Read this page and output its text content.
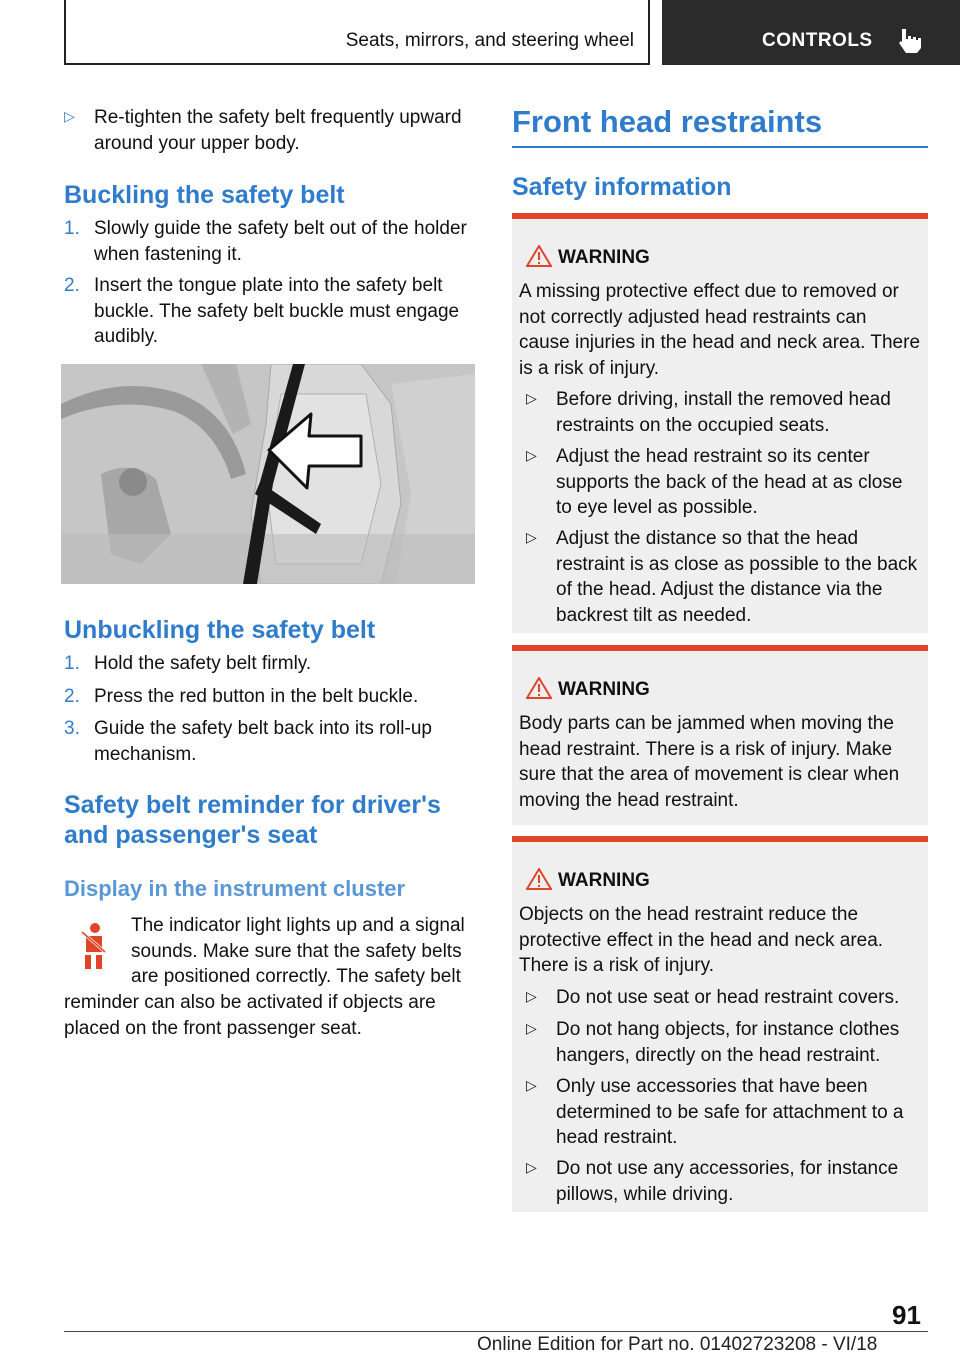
Seats, mirrors, and steering wheel	CONTROLS
▷	Re-tighten the safety belt frequently upward around your upper body.
Buckling the safety belt
1. Slowly guide the safety belt out of the holder when fastening it.
2. Insert the tongue plate into the safety belt buckle. The safety belt buckle must engage audibly.
Unbuckling the safety belt
1. Hold the safety belt firmly.
2. Press the red button in the belt buckle.
3. Guide the safety belt back into its roll-up mechanism.
Safety belt reminder for driver's and passenger's seat
Display in the instrument cluster
The indicator light lights up and a signal sounds. Make sure that the safety belts are positioned correctly. The safety belt
reminder can also be activated if objects are placed on the front passenger seat.
Front head restraints
Safety information
WARNING
A missing protective effect due to removed or not correctly adjusted head restraints can cause injuries in the head and neck area. There is a risk of injury.
▷	Before driving, install the removed head restraints on the occupied seats.
▷	Adjust the head restraint so its center supports the back of the head at as close to eye level as possible.
▷	Adjust the distance so that the head restraint is as close as possible to the back of the head. Adjust the distance via the backrest tilt as needed.
WARNING
Body parts can be jammed when moving the head restraint. There is a risk of injury. Make sure that the area of movement is clear when moving the head restraint.
WARNING
Objects on the head restraint reduce the protective effect in the head and neck area. There is a risk of injury.
▷	Do not use seat or head restraint covers.
▷	Do not hang objects, for instance clothes hangers, directly on the head restraint.
▷	Only use accessories that have been determined to be safe for attachment to a head restraint.
▷	Do not use any accessories, for instance pillows, while driving.
91
Online Edition for Part no. 01402723208 - VI/18
